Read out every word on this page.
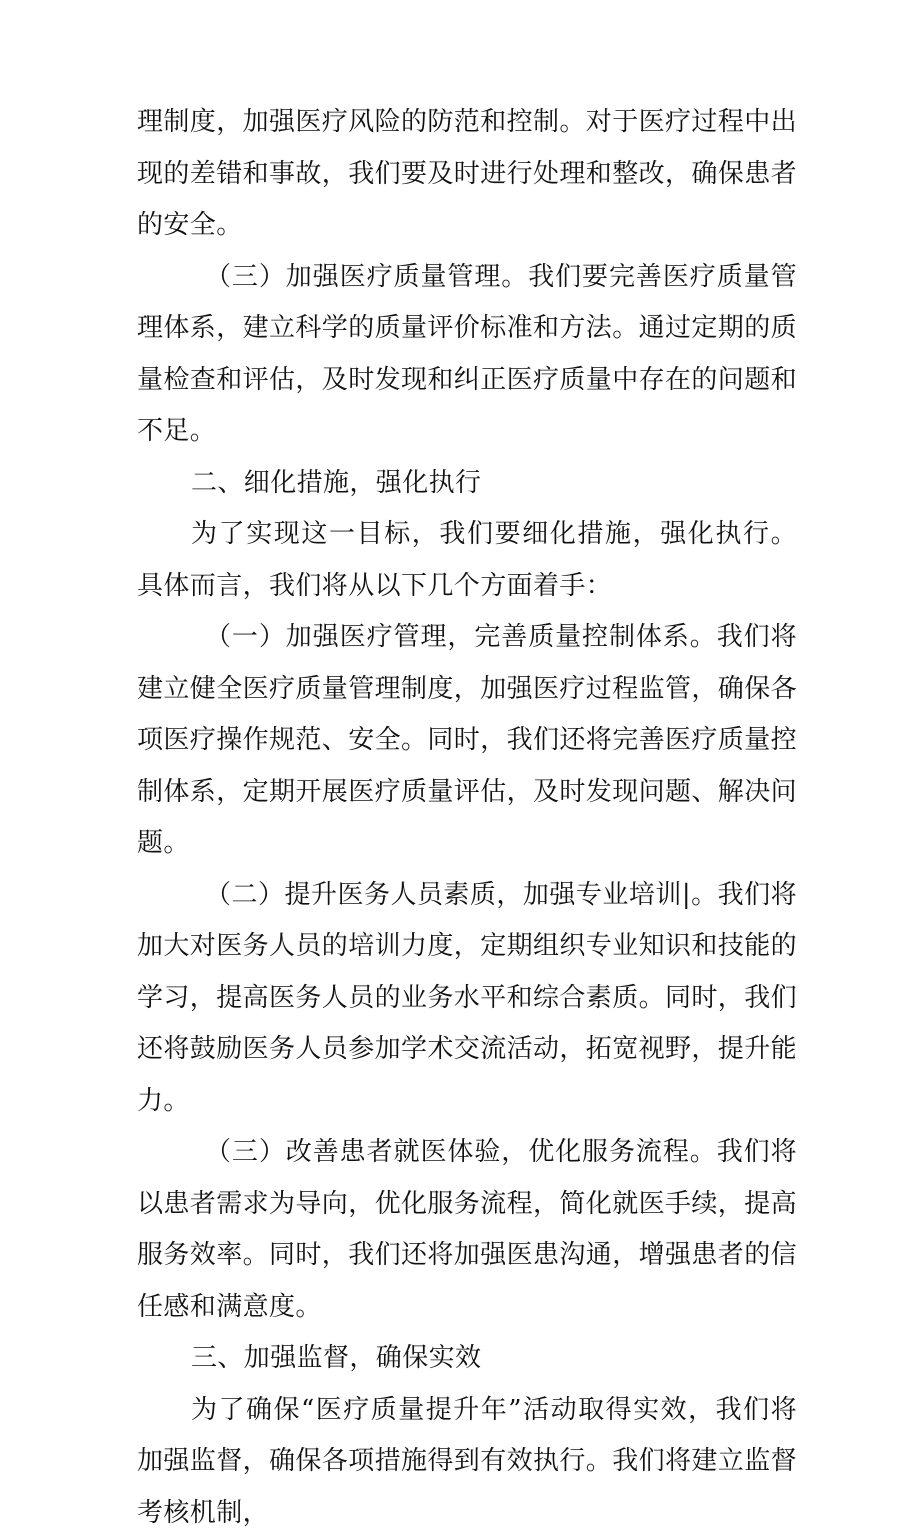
理制度，加强医疗风险的防范和控制。对于医疗过程中出现的差错和事故，我们要及时进行处理和整改，确保患者的安全。

（三）加强医疗质量管理。我们要完善医疗质量管理体系，建立科学的质量评价标准和方法。通过定期的质量检查和评估，及时发现和纠正医疗质量中存在的问题和不足。

二、细化措施，强化执行

为了实现这一目标，我们要细化措施，强化执行。具体而言，我们将从以下几个方面着手：

（一）加强医疗管理，完善质量控制体系。我们将建立健全医疗质量管理制度，加强医疗过程监管，确保各项医疗操作规范、安全。同时，我们还将完善医疗质量控制体系，定期开展医疗质量评估，及时发现问题、解决问题。

（二）提升医务人员素质，加强专业培训|。我们将加大对医务人员的培训力度，定期组织专业知识和技能的学习，提高医务人员的业务水平和综合素质。同时，我们还将鼓励医务人员参加学术交流活动，拓宽视野，提升能力。

（三）改善患者就医体验，优化服务流程。我们将以患者需求为导向，优化服务流程，简化就医手续，提高服务效率。同时，我们还将加强医患沟通，增强患者的信任感和满意度。

三、加强监督，确保实效

为了确保“医疗质量提升年”活动取得实效，我们将加强监督，确保各项措施得到有效执行。我们将建立监督考核机制，
